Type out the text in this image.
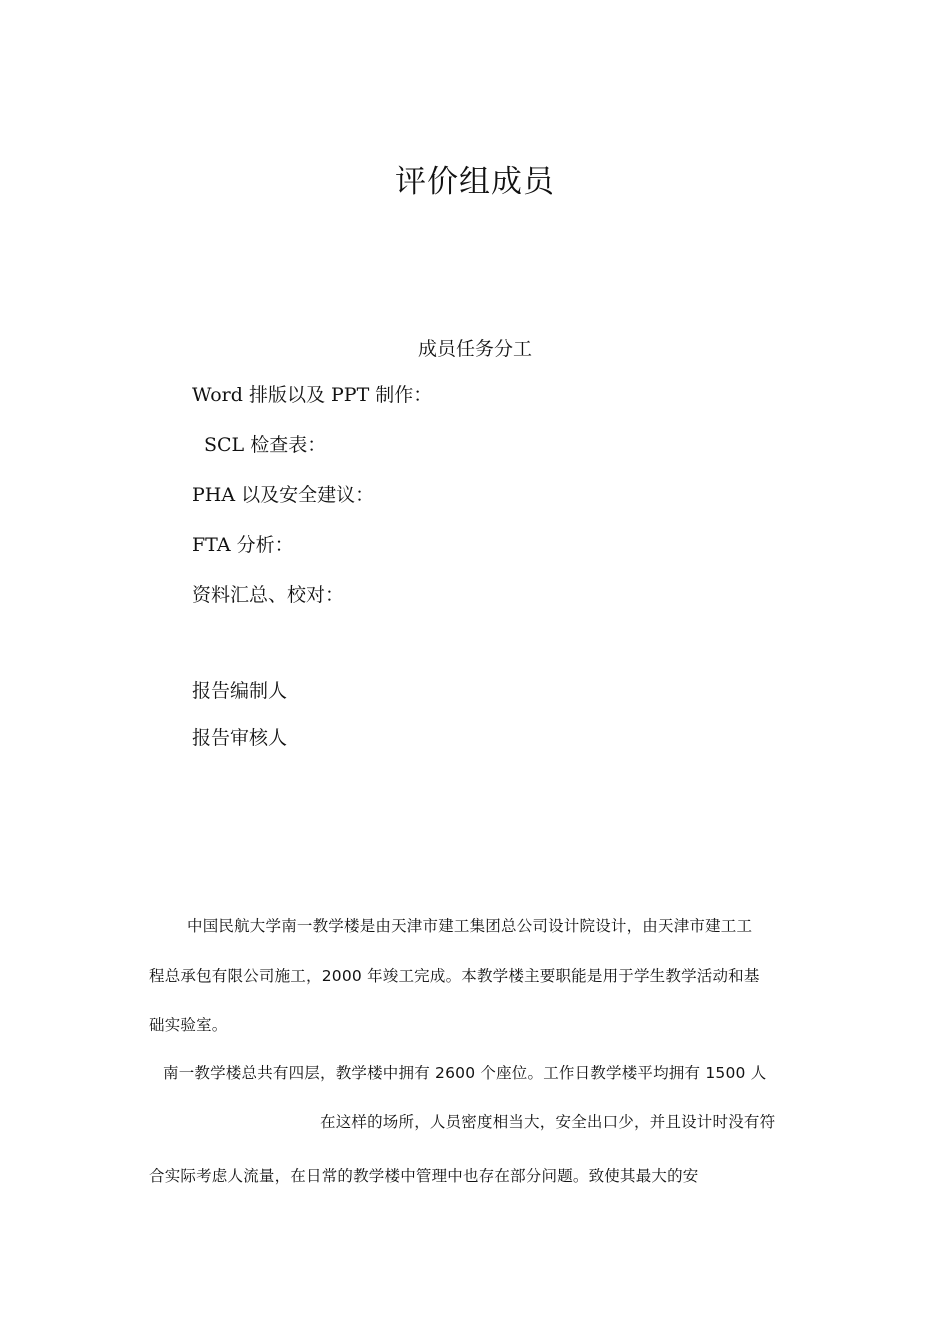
评价组成员
成员任务分工
Word 排版以及 PPT 制作：
SCL 检查表：
PHA 以及安全建议：
FTA 分析：
资料汇总、校对：
报告编制人
报告审核人
中国民航大学南一教学楼是由天津市建工集团总公司设计院设计，由天津市建工工
程总承包有限公司施工，2000 年竣工完成。本教学楼主要职能是用于学生教学活动和基
础实验室。
南一教学楼总共有四层，教学楼中拥有 2600 个座位。工作日教学楼平均拥有 1500 人
在这样的场所，人员密度相当大，安全出口少，并且设计时没有符
合实际考虑人流量，在日常的教学楼中管理中也存在部分问题。致使其最大的安
